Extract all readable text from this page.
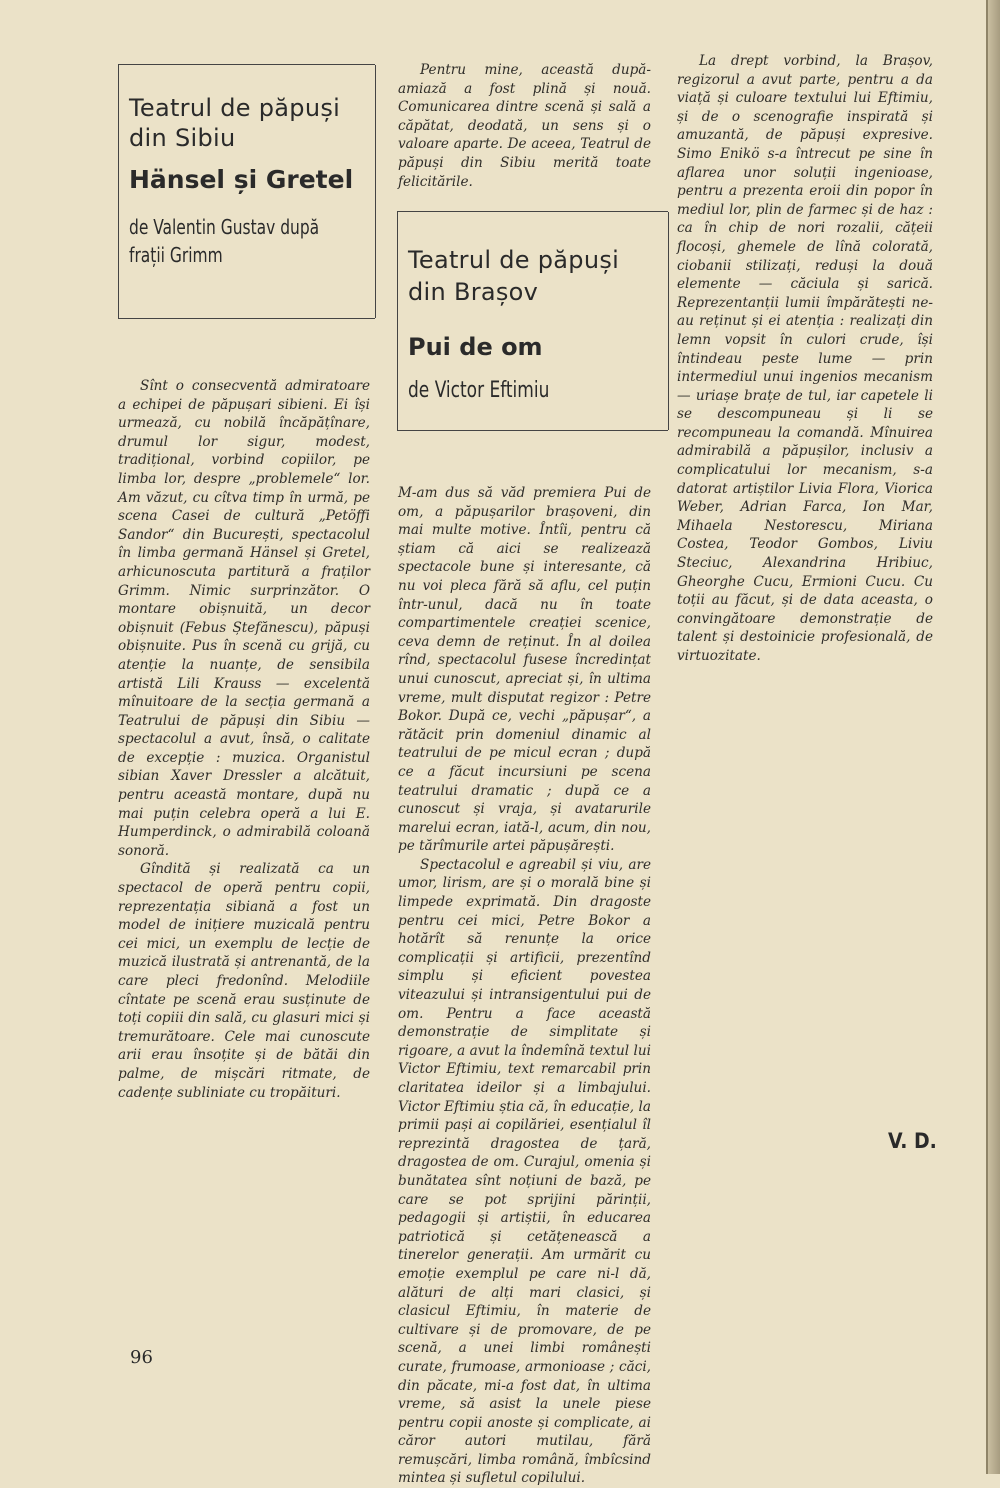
Teatrul de păpuși din Sibiu
Hänsel și Gretel
de Valentin Gustav după frații Grimm

Sînt o consecventă admiratoare a echipei de păpușari sibieni. Ei își urmează, cu nobilă încăpățînare, drumul lor sigur, modest, tradițional, vorbind copiilor, pe limba lor, despre „problemele“ lor. Am văzut, cu cîtva timp în urmă, pe scena Casei de cultură „Petöffi Sandor“ din București, spectacolul în limba germană Hänsel și Gretel, arhicunoscuta partitură a fraților Grimm. Nimic surprinzător. O montare obișnuită, un decor obișnuit (Febus Ștefănescu), păpuși obișnuite. Pus în scenă cu grijă, cu atenție la nuanțe, de sensibila artistă Lili Krauss — excelentă mînuitoare de la secția germană a Teatrului de păpuși din Sibiu — spectacolul a avut, însă, o calitate de excepție : muzica. Organistul sibian Xaver Dressler a alcătuit, pentru această montare, după nu mai puțin celebra operă a lui E. Humperdinck, o admirabilă coloană sonoră.

Gîndită și realizată ca un spectacol de operă pentru copii, reprezentația sibiană a fost un model de inițiere muzicală pentru cei mici, un exemplu de lecție de muzică ilustrată și antrenantă, de la care pleci fredonînd. Melodiile cîntate pe scenă erau susținute de toți copiii din sală, cu glasuri mici și tremurătoare. Cele mai cunoscute arii erau însoțite și de bătăi din palme, de mișcări ritmate, de cadențe subliniate cu tropăituri.

Pentru mine, această după-amiază a fost plină și nouă. Comunicarea dintre scenă și sală a căpătat, deodată, un sens și o valoare aparte. De aceea, Teatrul de păpuși din Sibiu merită toate felicitările.

Teatrul de păpuși din Brașov
Pui de om
de Victor Eftimiu

M-am dus să văd premiera Pui de om, a păpușarilor brașoveni, din mai multe motive. Întîi, pentru că știam că aici se realizează spectacole bune și interesante, că nu voi pleca fără să aflu, cel puțin într-unul, dacă nu în toate compartimentele creației scenice, ceva demn de reținut. În al doilea rînd, spectacolul fusese încredințat unui cunoscut, apreciat și, în ultima vreme, mult disputat regizor : Petre Bokor. După ce, vechi „păpușar“, a rătăcit prin domeniul dinamic al teatrului de pe micul ecran ; după ce a făcut incursiuni pe scena teatrului dramatic ; după ce a cunoscut și vraja, și avatarurile marelui ecran, iată-l, acum, din nou, pe tărîmurile artei păpușărești.

Spectacolul e agreabil și viu, are umor, lirism, are și o morală bine și limpede exprimată. Din dragoste pentru cei mici, Petre Bokor a hotărît să renunțe la orice complicații și artificii, prezentînd simplu și eficient povestea viteazului și intransigentului pui de om. Pentru a face această demonstrație de simplitate și rigoare, a avut la îndemînă textul lui Victor Eftimiu, text remarcabil prin claritatea ideilor și a limbajului. Victor Eftimiu știa că, în educație, la primii pași ai copilăriei, esențialul îl reprezintă dragostea de țară, dragostea de om. Curajul, omenia și bunătatea sînt noțiuni de bază, pe care se pot sprijini părinții, pedagogii și artiștii, în educarea patriotică și cetățenească a tinerelor generații. Am urmărit cu emoție exemplul pe care ni-l dă, alături de alți mari clasici, și clasicul Eftimiu, în materie de cultivare și de promovare, de pe scenă, a unei limbi românești curate, frumoase, armonioase ; căci, din păcate, mi-a fost dat, în ultima vreme, să asist la unele piese pentru copii anoste și complicate, ai căror autori mutilau, fără remușcări, limba română, îmbîcsind mintea și sufletul copilului.

La drept vorbind, la Brașov, regizorul a avut parte, pentru a da viață și culoare textului lui Eftimiu, și de o scenografie inspirată și amuzantă, de păpuși expresive. Simo Enikö s-a întrecut pe sine în aflarea unor soluții ingenioase, pentru a prezenta eroii din popor în mediul lor, plin de farmec și de haz : ca în chip de nori rozalii, cățeii flocoși, ghemele de lînă colorată, ciobanii stilizați, reduși la două elemente — căciula și sarică. Reprezentanții lumii împărătești ne-au reținut și ei atenția : realizați din lemn vopsit în culori crude, își întindeau peste lume — prin intermediul unui ingenios mecanism — uriașe brațe de tul, iar capetele li se descompuneau și li se recompuneau la comandă. Mînuirea admirabilă a păpușilor, inclusiv a complicatului lor mecanism, s-a datorat artiștilor Livia Flora, Viorica Weber, Adrian Farca, Ion Mar, Mihaela Nestorescu, Miriana Costea, Teodor Gombos, Liviu Steciuc, Alexandrina Hribiuc, Gheorghe Cucu, Ermioni Cucu. Cu toții au făcut, și de data aceasta, o convingătoare demonstrație de talent și destoinicie profesională, de virtuozitate.

V. D.
96
